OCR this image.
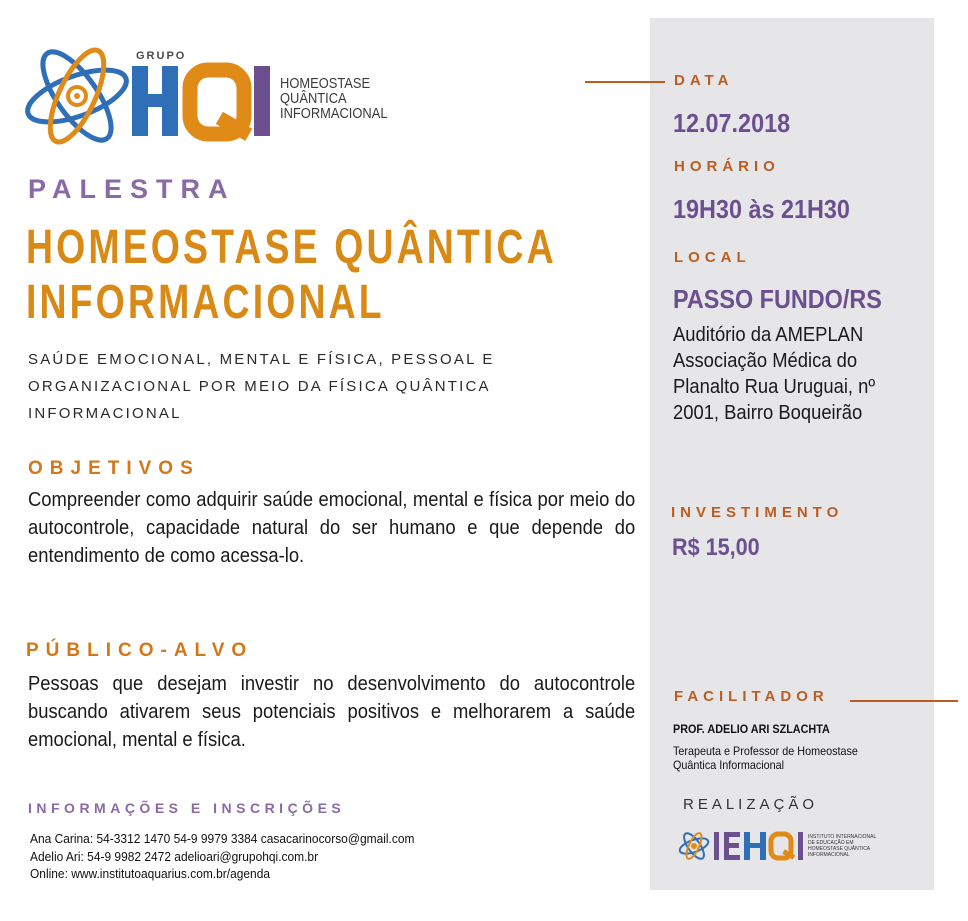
GRUPO
HOMEOSTASE
QUÂNTICA
INFORMACIONAL
PALESTRA
HOMEOSTASE QUÂNTICA
INFORMACIONAL
SAÚDE EMOCIONAL, MENTAL E FÍSICA, PESSOAL E
ORGANIZACIONAL POR MEIO DA FÍSICA QUÂNTICA
INFORMACIONAL
OBJETIVOS
Compreender como adquirir saúde emocional, mental e física por meio do autocontrole, capacidade natural do ser humano e que depende do entendimento de como acessa-lo.
PÚBLICO-ALVO
Pessoas que desejam investir no desenvolvimento do autocontrole buscando ativarem seus potenciais positivos e melhorarem a saúde emocional, mental e física.
INFORMAÇÕES E INSCRIÇÕES
Ana Carina: 54-3312 1470 54-9 9979 3384 casacarinocorso@gmail.com
Adelio Ari: 54-9 9982 2472 adelioari@grupohqi.com.br
Online: www.institutoaquarius.com.br/agenda
DATA
12.07.2018
HORÁRIO
19H30 às 21H30
LOCAL
PASSO FUNDO/RS
Auditório da AMEPLAN
Associação Médica do
Planalto Rua Uruguai, nº
2001, Bairro Boqueirão
INVESTIMENTO
R$ 15,00
FACILITADOR
PROF. ADELIO ARI SZLACHTA
Terapeuta e Professor de Homeostase
Quântica Informacional
REALIZAÇÃO
INSTITUTO INTERNACIONAL
DE EDUCAÇÃO EM
HOMEOSTASE QUÂNTICA
INFORMACIONAL
